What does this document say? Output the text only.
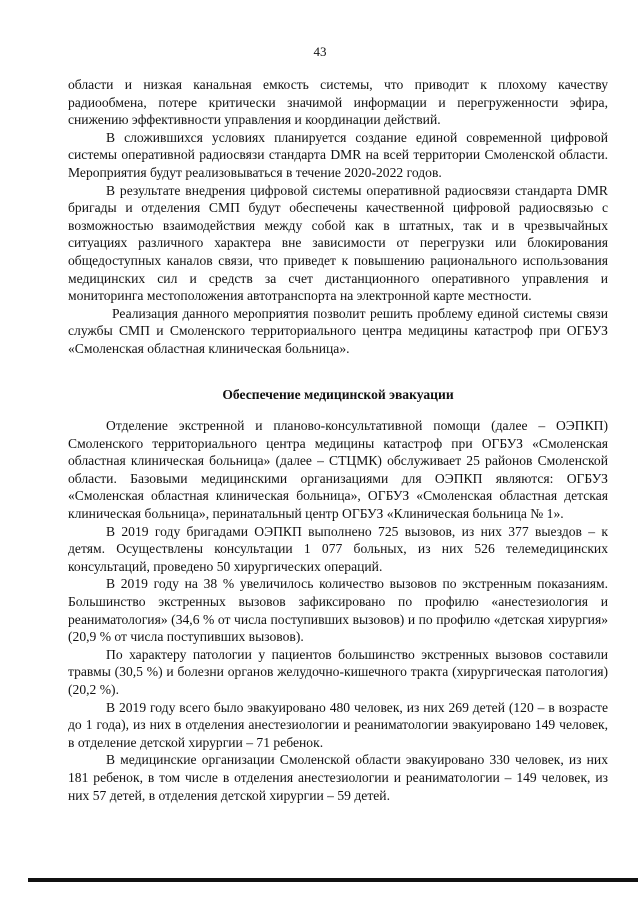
43

области и низкая канальная емкость системы, что приводит к плохому качеству радиообмена, потере критически значимой информации и перегруженности эфира, снижению эффективности управления и координации действий.

В сложившихся условиях планируется создание единой современной цифровой системы оперативной радиосвязи стандарта DMR на всей территории Смоленской области. Мероприятия будут реализовываться в течение 2020-2022 годов.

В результате внедрения цифровой системы оперативной радиосвязи стандарта DMR бригады и отделения СМП будут обеспечены качественной цифровой радиосвязью с возможностью взаимодействия между собой как в штатных, так и в чрезвычайных ситуациях различного характера вне зависимости от перегрузки или блокирования общедоступных каналов связи, что приведет к повышению рационального использования медицинских сил и средств за счет дистанционного оперативного управления и мониторинга местоположения автотранспорта на электронной карте местности.

Реализация данного мероприятия позволит решить проблему единой системы связи службы СМП и Смоленского территориального центра медицины катастроф при ОГБУЗ «Смоленская областная клиническая больница».

Обеспечение медицинской эвакуации

Отделение экстренной и планово-консультативной помощи (далее – ОЭПКП) Смоленского территориального центра медицины катастроф при ОГБУЗ «Смоленская областная клиническая больница» (далее – СТЦМК) обслуживает 25 районов Смоленской области. Базовыми медицинскими организациями для ОЭПКП являются: ОГБУЗ «Смоленская областная клиническая больница», ОГБУЗ «Смоленская областная детская клиническая больница», перинатальный центр ОГБУЗ «Клиническая больница № 1».

В 2019 году бригадами ОЭПКП выполнено 725 вызовов, из них 377 выездов – к детям. Осуществлены консультации 1 077 больных, из них 526 телемедицинских консультаций, проведено 50 хирургических операций.

В 2019 году на 38 % увеличилось количество вызовов по экстренным показаниям. Большинство экстренных вызовов зафиксировано по профилю «анестезиология и реаниматология» (34,6 % от числа поступивших вызовов) и по профилю «детская хирургия» (20,9 % от числа поступивших вызовов).

По характеру патологии у пациентов большинство экстренных вызовов составили травмы (30,5 %) и болезни органов желудочно-кишечного тракта (хирургическая патология) (20,2 %).

В 2019 году всего было эвакуировано 480 человек, из них 269 детей (120 – в возрасте до 1 года), из них в отделения анестезиологии и реаниматологии эвакуировано 149 человек, в отделение детской хирургии – 71 ребенок.

В медицинские организации Смоленской области эвакуировано 330 человек, из них 181 ребенок, в том числе в отделения анестезиологии и реаниматологии – 149 человек, из них 57 детей, в отделения детской хирургии – 59 детей.
